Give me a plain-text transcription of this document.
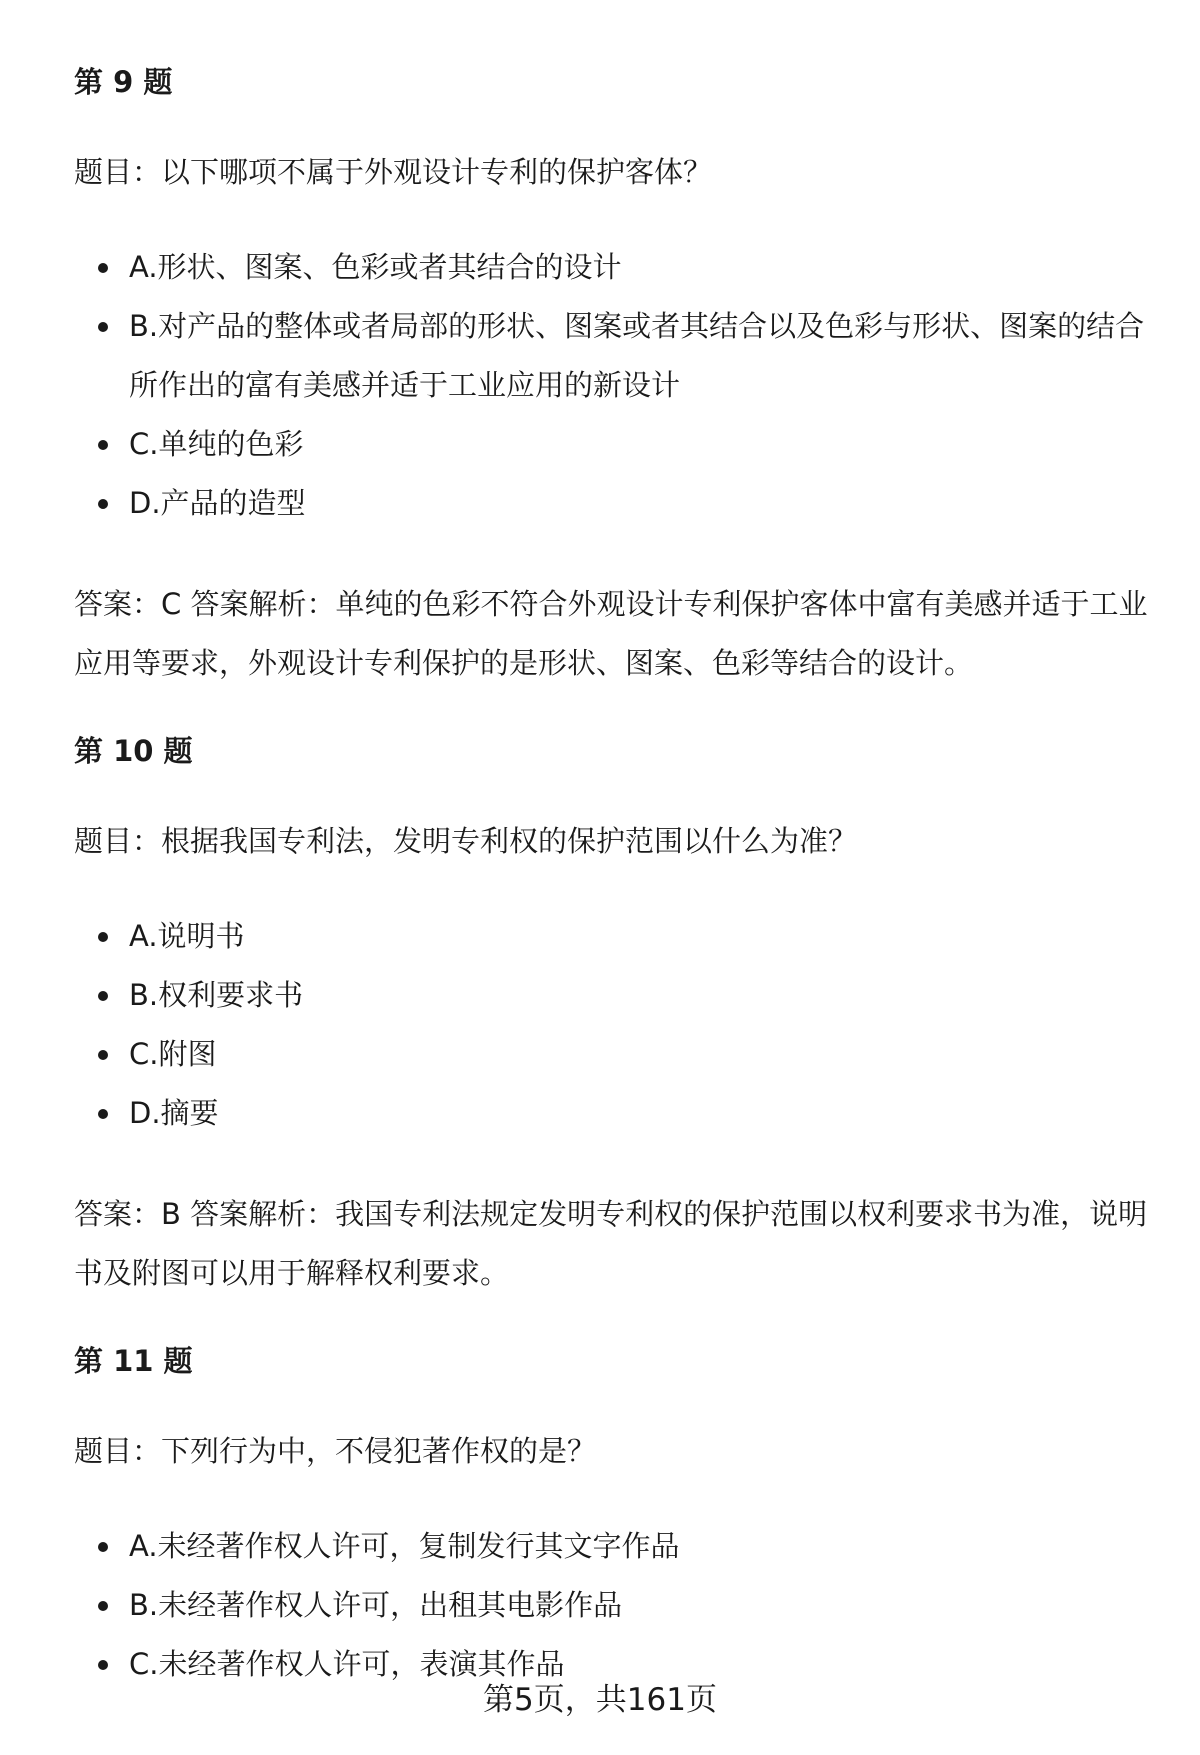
第 9 题

题目：以下哪项不属于外观设计专利的保护客体？

A.形状、图案、色彩或者其结合的设计
B.对产品的整体或者局部的形状、图案或者其结合以及色彩与形状、图案的结合所作出的富有美感并适于工业应用的新设计
C.单纯的色彩
D.产品的造型

答案：C 答案解析：单纯的色彩不符合外观设计专利保护客体中富有美感并适于工业应用等要求，外观设计专利保护的是形状、图案、色彩等结合的设计。

第 10 题

题目：根据我国专利法，发明专利权的保护范围以什么为准？

A.说明书
B.权利要求书
C.附图
D.摘要

答案：B 答案解析：我国专利法规定发明专利权的保护范围以权利要求书为准，说明书及附图可以用于解释权利要求。

第 11 题

题目：下列行为中，不侵犯著作权的是？

A.未经著作权人许可，复制发行其文字作品
B.未经著作权人许可，出租其电影作品
C.未经著作权人许可，表演其作品
第5页，共161页
